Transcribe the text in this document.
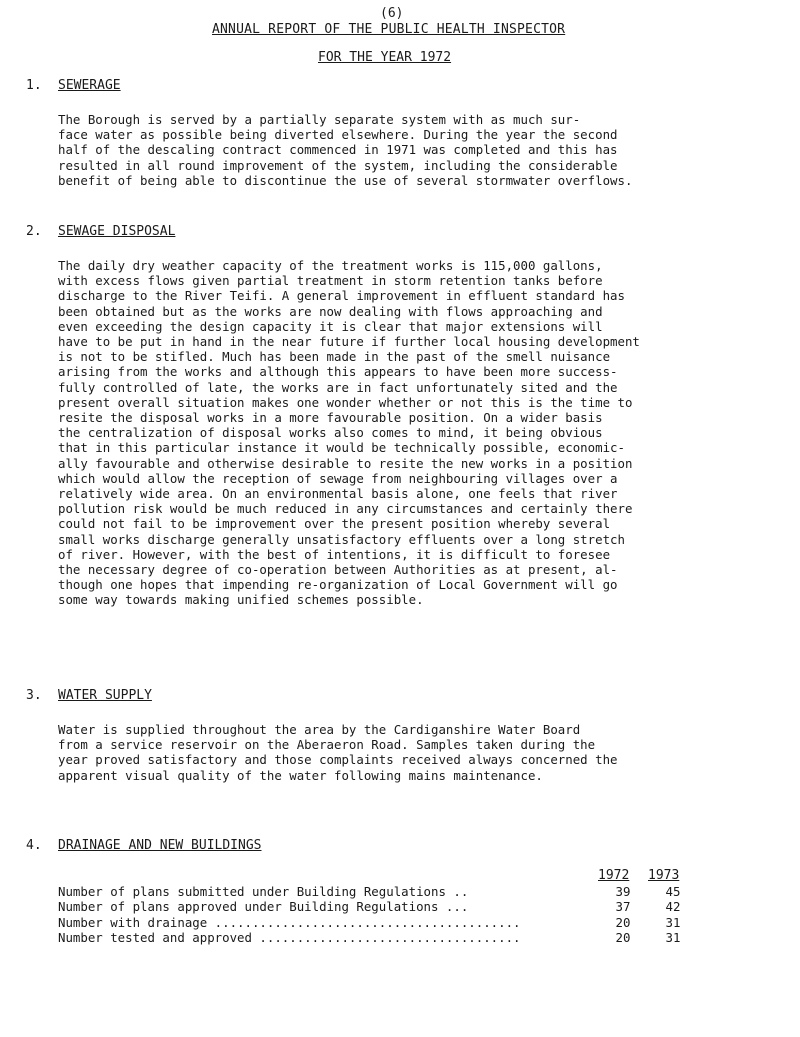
(6)
ANNUAL REPORT OF THE PUBLIC HEALTH INSPECTOR
FOR THE YEAR 1972
1. SEWERAGE
The Borough is served by a partially separate system with as much sur-
face water as possible being diverted elsewhere. During the year the second
half of the descaling contract commenced in 1971 was completed and this has
resulted in all round improvement of the system, including the considerable
benefit of being able to discontinue the use of several stormwater overflows.
2. SEWAGE DISPOSAL
The daily dry weather capacity of the treatment works is 115,000 gallons,
with excess flows given partial treatment in storm retention tanks before
discharge to the River Teifi. A general improvement in effluent standard has
been obtained but as the works are now dealing with flows approaching and
even exceeding the design capacity it is clear that major extensions will
have to be put in hand in the near future if further local housing development
is not to be stifled. Much has been made in the past of the smell nuisance
arising from the works and although this appears to have been more success-
fully controlled of late, the works are in fact unfortunately sited and the
present overall situation makes one wonder whether or not this is the time to
resite the disposal works in a more favourable position. On a wider basis
the centralization of disposal works also comes to mind, it being obvious
that in this particular instance it would be technically possible, economic-
ally favourable and otherwise desirable to resite the new works in a position
which would allow the reception of sewage from neighbouring villages over a
relatively wide area. On an environmental basis alone, one feels that river
pollution risk would be much reduced in any circumstances and certainly there
could not fail to be improvement over the present position whereby several
small works discharge generally unsatisfactory effluents over a long stretch
of river. However, with the best of intentions, it is difficult to foresee
the necessary degree of co-operation between Authorities as at present, al-
though one hopes that impending re-organization of Local Government will go
some way towards making unified schemes possible.
3. WATER SUPPLY
Water is supplied throughout the area by the Cardiganshire Water Board
from a service reservoir on the Aberaeron Road. Samples taken during the
year proved satisfactory and those complaints received always concerned the
apparent visual quality of the water following mains maintenance.
4. DRAINAGE AND NEW BUILDINGS
1972 1973
Number of plans submitted under Building Regulations ..	39	45
Number of plans approved under Building Regulations ...	37	42
Number with drainage .........................................	20	31
Number tested and approved ...................................	20	31
